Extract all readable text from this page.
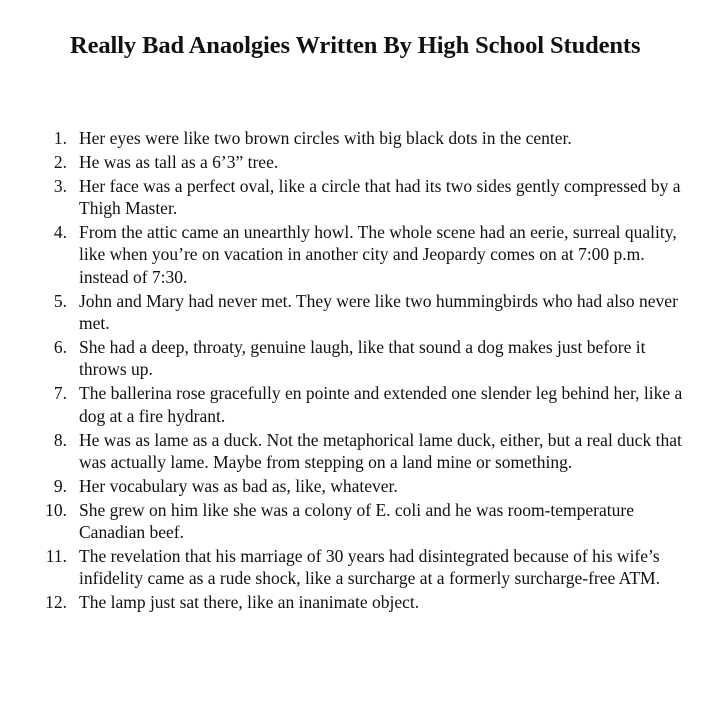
Really Bad Anaolgies Written By High School Students
1. Her eyes were like two brown circles with big black dots in the center.
2. He was as tall as a 6’3” tree.
3. Her face was a perfect oval, like a circle that had its two sides gently compressed by a Thigh Master.
4. From the attic came an unearthly howl. The whole scene had an eerie, surreal quality, like when you’re on vacation in another city and Jeopardy comes on at 7:00 p.m. instead of 7:30.
5. John and Mary had never met. They were like two hummingbirds who had also never met.
6. She had a deep, throaty, genuine laugh, like that sound a dog makes just before it throws up.
7. The ballerina rose gracefully en pointe and extended one slender leg behind her, like a dog at a fire hydrant.
8. He was as lame as a duck. Not the metaphorical lame duck, either, but a real duck that was actually lame. Maybe from stepping on a land mine or something.
9. Her vocabulary was as bad as, like, whatever.
10. She grew on him like she was a colony of E. coli and he was room-temperature Canadian beef.
11. The revelation that his marriage of 30 years had disintegrated because of his wife’s infidelity came as a rude shock, like a surcharge at a formerly surcharge-free ATM.
12. The lamp just sat there, like an inanimate object.
